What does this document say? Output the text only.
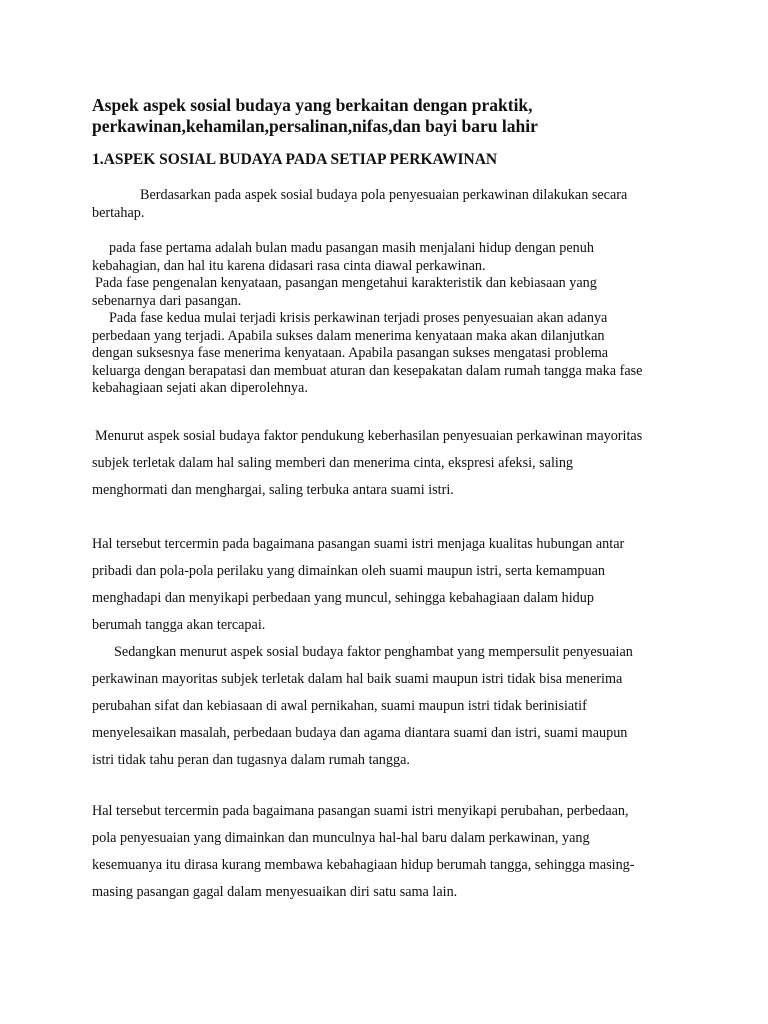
Aspek aspek sosial budaya yang berkaitan dengan praktik,
perkawinan,kehamilan,persalinan,nifas,dan bayi baru lahir
1.ASPEK SOSIAL BUDAYA PADA SETIAP PERKAWINAN
Berdasarkan pada aspek sosial budaya pola penyesuaian perkawinan dilakukan secara
bertahap.
pada fase pertama adalah bulan madu pasangan masih menjalani hidup dengan penuh
kebahagian, dan hal itu karena didasari rasa cinta diawal perkawinan.
Pada fase pengenalan kenyataan, pasangan mengetahui karakteristik dan kebiasaan yang
sebenarnya dari pasangan.
Pada fase kedua mulai terjadi krisis perkawinan terjadi proses penyesuaian akan adanya
perbedaan yang terjadi. Apabila sukses dalam menerima kenyataan maka akan dilanjutkan
dengan suksesnya fase menerima kenyataan. Apabila pasangan sukses mengatasi problema
keluarga dengan berapatasi dan membuat aturan dan kesepakatan dalam rumah tangga maka fase
kebahagiaan sejati akan diperolehnya.
Menurut aspek sosial budaya faktor pendukung keberhasilan penyesuaian perkawinan mayoritas
subjek terletak dalam hal saling memberi dan menerima cinta, ekspresi afeksi, saling
menghormati dan menghargai, saling terbuka antara suami istri.
Hal tersebut tercermin pada bagaimana pasangan suami istri menjaga kualitas hubungan antar
pribadi dan pola-pola perilaku yang dimainkan oleh suami maupun istri, serta kemampuan
menghadapi dan menyikapi perbedaan yang muncul, sehingga kebahagiaan dalam hidup
berumah tangga akan tercapai.
Sedangkan menurut aspek sosial budaya faktor penghambat yang mempersulit penyesuaian
perkawinan mayoritas subjek terletak dalam hal baik suami maupun istri tidak bisa menerima
perubahan sifat dan kebiasaan di awal pernikahan, suami maupun istri tidak berinisiatif
menyelesaikan masalah, perbedaan budaya dan agama diantara suami dan istri, suami maupun
istri tidak tahu peran dan tugasnya dalam rumah tangga.
Hal tersebut tercermin pada bagaimana pasangan suami istri menyikapi perubahan, perbedaan,
pola penyesuaian yang dimainkan dan munculnya hal-hal baru dalam perkawinan, yang
kesemuanya itu dirasa kurang membawa kebahagiaan hidup berumah tangga, sehingga masing-
masing pasangan gagal dalam menyesuaikan diri satu sama lain.
